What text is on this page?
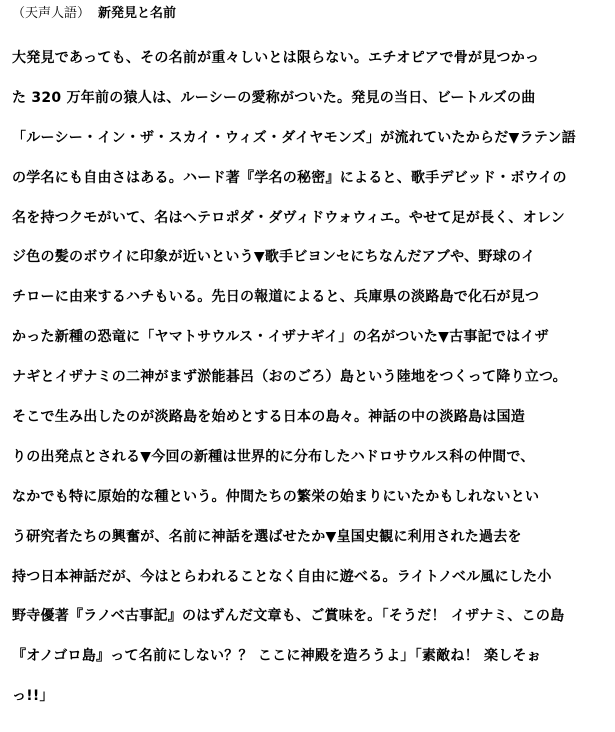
（天声人語） 新発見と名前
大発見であっても、その名前が重々しいとは限らない。エチオピアで骨が見つかっ
た 320 万年前の猿人は、ルーシーの愛称がついた。発見の当日、ビートルズの曲
「ルーシー・イン・ザ・スカイ・ウィズ・ダイヤモンズ」が流れていたからだ▼ラテン語
の学名にも自由さはある。ハード著『学名の秘密』によると、歌手デビッド・ボウイの
名を持つクモがいて、名はヘテロポダ・ダヴィドウォウィエ。やせて足が長く、オレン
ジ色の髪のボウイに印象が近いという▼歌手ビヨンセにちなんだアブや、野球のイ
チローに由来するハチもいる。先日の報道によると、兵庫県の淡路島で化石が見つ
かった新種の恐竜に「ヤマトサウルス・イザナギイ」の名がついた▼古事記ではイザ
ナギとイザナミの二神がまず淤能碁呂（おのごろ）島という陸地をつくって降り立つ。
そこで生み出したのが淡路島を始めとする日本の島々。神話の中の淡路島は国造
りの出発点とされる▼今回の新種は世界的に分布したハドロサウルス科の仲間で、
なかでも特に原始的な種という。仲間たちの繁栄の始まりにいたかもしれないとい
う研究者たちの興奮が、名前に神話を選ばせたか▼皇国史観に利用された過去を
持つ日本神話だが、今はとらわれることなく自由に遊べる。ライトノベル風にした小
野寺優著『ラノベ古事記』のはずんだ文章も、ご賞味を。「そうだ！ イザナミ、この島
『オノゴロ島』って名前にしない？？ ここに神殿を造ろうよ」「素敵ね！ 楽しそぉ
っ!!」
